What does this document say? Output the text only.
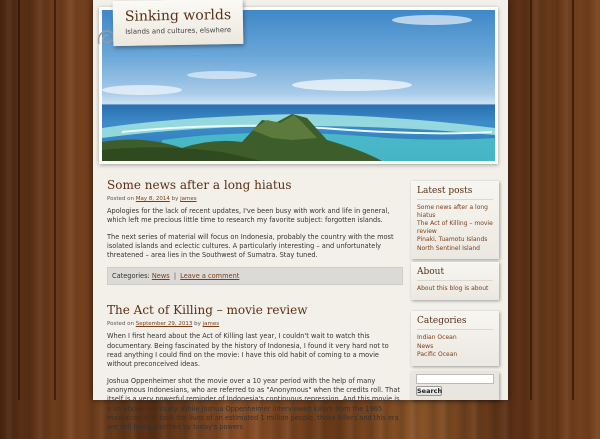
Sinking worlds
Islands and cultures, elswhere
Some news after a long hiatus
Posted on May 8, 2014 by james

Apologies for the lack of recent updates, I've been busy with work and life in general, which left me precious little time to research my favorite subject: forgotten islands.

The next series of material will focus on Indonesia, probably the country with the most isolated islands and eclectic cultures. A particularly interesting – and unfortunately threatened – area lies in the Southwest of Sumatra. Stay tuned.

Categories: News | Leave a comment
The Act of Killing – movie review
Posted on September 29, 2013 by james

When I first heard about the Act of Killing last year, I couldn't wait to watch this documentary. Being fascinated by the history of Indonesia, I found it very hard not to read anything I could find on the movie: I have this old habit of coming to a movie without preconceived ideas.

Joshua Oppenheimer shot the movie over a 10 year period with the help of many anonymous Indonesians, who are referred to as "Anonymous" when the credits roll. That itself is a very powerful reminder of Indonesia's continuous repression. And this movie is a lot about continuity. While Joshua Oppenheimer interviewed killers from the 1965 massacres that took the lives of an estimated 1 million people, those killers and this era are still being glorified by today's powers

Latest posts
Some news after a long hiatus
The Act of Killing – movie review
Pinaki, Tuamotu Islands
North Sentinel Island
About
About this blog is about
Categories
Indian Ocean
News
Pacific Ocean
Search
